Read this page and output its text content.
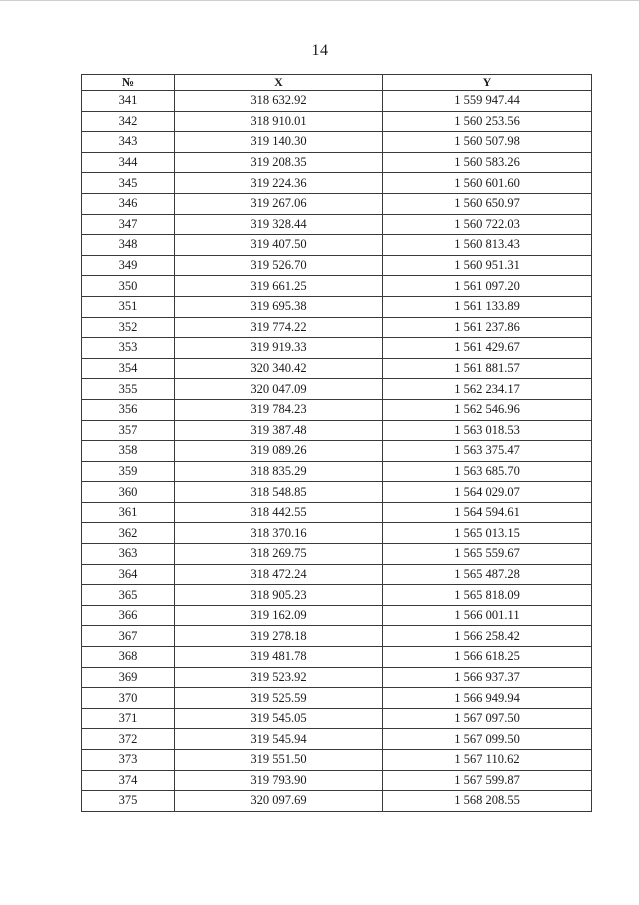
14
№	X	Y
341	318 632.92	1 559 947.44
342	318 910.01	1 560 253.56
343	319 140.30	1 560 507.98
344	319 208.35	1 560 583.26
345	319 224.36	1 560 601.60
346	319 267.06	1 560 650.97
347	319 328.44	1 560 722.03
348	319 407.50	1 560 813.43
349	319 526.70	1 560 951.31
350	319 661.25	1 561 097.20
351	319 695.38	1 561 133.89
352	319 774.22	1 561 237.86
353	319 919.33	1 561 429.67
354	320 340.42	1 561 881.57
355	320 047.09	1 562 234.17
356	319 784.23	1 562 546.96
357	319 387.48	1 563 018.53
358	319 089.26	1 563 375.47
359	318 835.29	1 563 685.70
360	318 548.85	1 564 029.07
361	318 442.55	1 564 594.61
362	318 370.16	1 565 013.15
363	318 269.75	1 565 559.67
364	318 472.24	1 565 487.28
365	318 905.23	1 565 818.09
366	319 162.09	1 566 001.11
367	319 278.18	1 566 258.42
368	319 481.78	1 566 618.25
369	319 523.92	1 566 937.37
370	319 525.59	1 566 949.94
371	319 545.05	1 567 097.50
372	319 545.94	1 567 099.50
373	319 551.50	1 567 110.62
374	319 793.90	1 567 599.87
375	320 097.69	1 568 208.55
